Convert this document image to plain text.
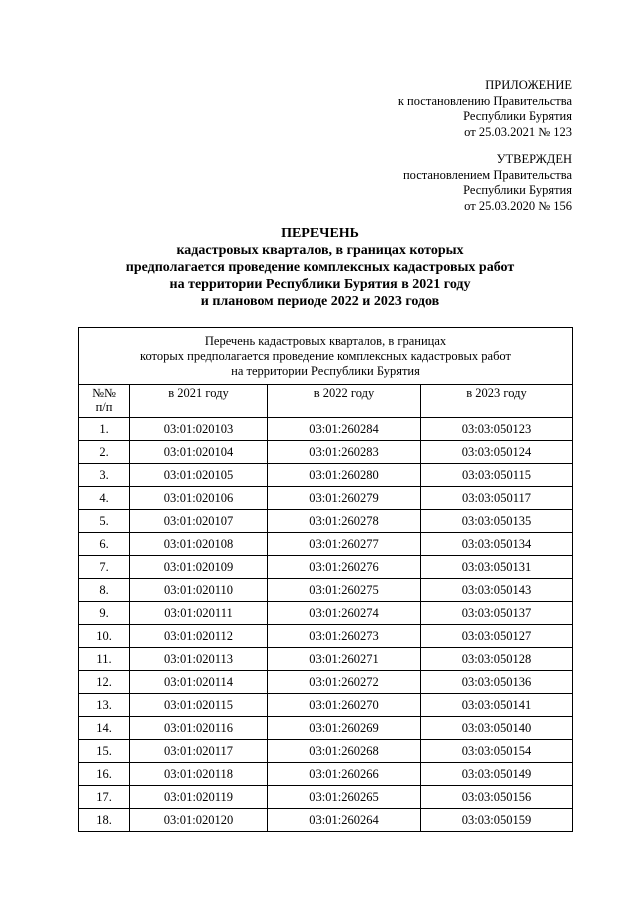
ПРИЛОЖЕНИЕ
к постановлению Правительства
Республики Бурятия
от 25.03.2021 № 123
УТВЕРЖДЕН
постановлением Правительства
Республики Бурятия
от 25.03.2020 № 156
ПЕРЕЧЕНЬ
кадастровых кварталов, в границах которых
предполагается проведение комплексных кадастровых работ
на территории Республики Бурятия в 2021 году
и плановом периоде 2022 и 2023 годов
Перечень кадастровых кварталов, в границах
которых предполагается проведение комплексных кадастровых работ
на территории Республики Бурятия			

№№
п/п	в 2021 году	в 2022 году	в 2023 году
1.	03:01:020103	03:01:260284	03:03:050123
2.	03:01:020104	03:01:260283	03:03:050124
3.	03:01:020105	03:01:260280	03:03:050115
4.	03:01:020106	03:01:260279	03:03:050117
5.	03:01:020107	03:01:260278	03:03:050135
6.	03:01:020108	03:01:260277	03:03:050134
7.	03:01:020109	03:01:260276	03:03:050131
8.	03:01:020110	03:01:260275	03:03:050143
9.	03:01:020111	03:01:260274	03:03:050137
10.	03:01:020112	03:01:260273	03:03:050127
11.	03:01:020113	03:01:260271	03:03:050128
12.	03:01:020114	03:01:260272	03:03:050136
13.	03:01:020115	03:01:260270	03:03:050141
14.	03:01:020116	03:01:260269	03:03:050140
15.	03:01:020117	03:01:260268	03:03:050154
16.	03:01:020118	03:01:260266	03:03:050149
17.	03:01:020119	03:01:260265	03:03:050156
18.	03:01:020120	03:01:260264	03:03:050159
